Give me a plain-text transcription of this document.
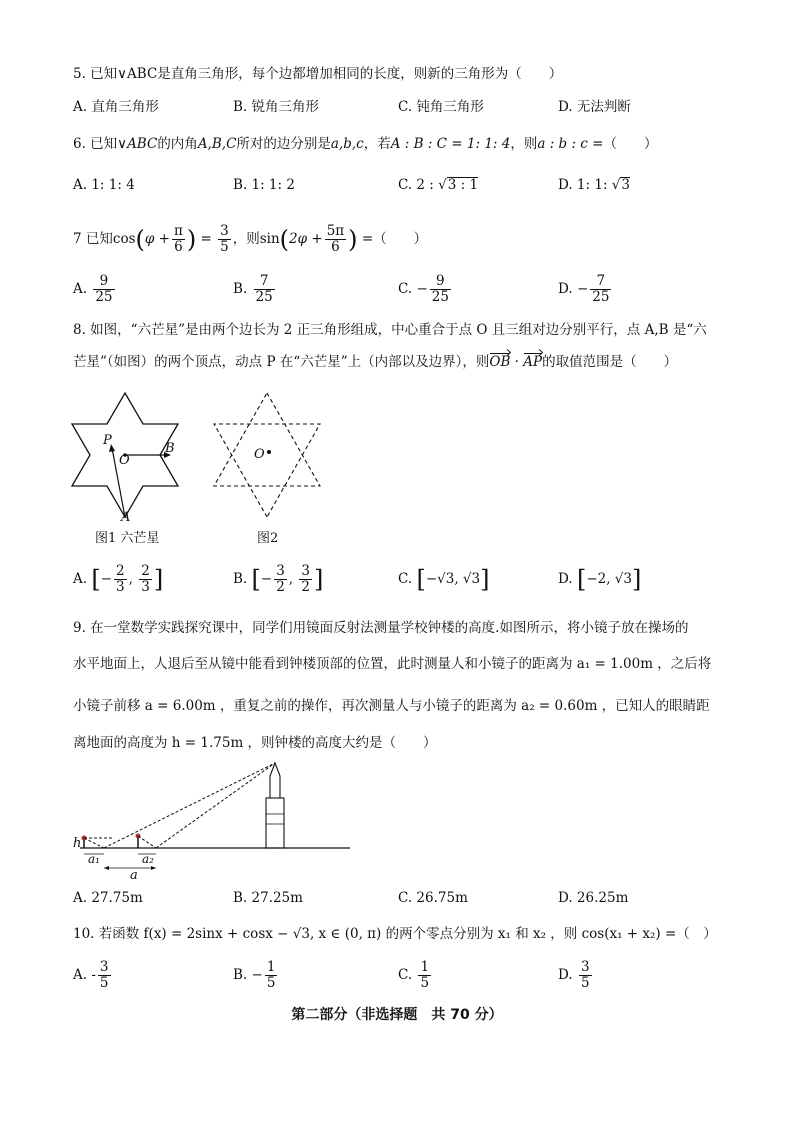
5. 已知∨ABC是直角三角形，每个边都增加相同的长度，则新的三角形为（　　）
A. 直角三角形	B. 锐角三角形	C. 钝角三角形	D. 无法判断
6. 已知∨ABC的内角A,B,C所对的边分别是a,b,c，若A : B : C = 1: 1: 4，则a : b : c =（　　）
A. 1: 1: 4	B. 1: 1: 2	C. 2 : √3 : 1	D. 1: 1: √3
7 已知$\cos(\varphi + \frac{\pi}{6}$ ) = $\frac{3}{5}$ ，则$\sin(2\varphi + \frac{5\pi}{6}$ ) =（　　）
A. $\frac{9}{25}$	B. $\frac{7}{25}$	C. − $\frac{9}{25}$	D. − $\frac{7}{25}$
8. 如图，“六芒星”是由两个边长为 2 正三角形组成，中心重合于点 O 且三组对边分别平行，点 A,B 是“六
芒星”（如图）的两个顶点，动点 P 在“六芒星”上（内部以及边界），则OB · AP的取值范围是（　　）
P
O
B
A
图1 六芒星
O
图2
A. [− $\frac{2}{3}$ , $\frac{2}{3}$ ]	B. [− $\frac{3}{2}$ , $\frac{3}{2}$ ]	C. [−√3, √3]	D. [−2, √3]
9. 在一堂数学实践探究课中，同学们用镜面反射法测量学校钟楼的高度.如图所示，将小镜子放在操场的
水平地面上，人退后至从镜中能看到钟楼顶部的位置，此时测量人和小镜子的距离为 a₁ = 1.00m ，之后将
小镜子前移 a = 6.00m ，重复之前的操作，再次测量人与小镜子的距离为 a₂ = 0.60m ，已知人的眼睛距
离地面的高度为 h = 1.75m ，则钟楼的高度大约是（　　）
h
a₁	a₂
a
A. 27.75m	B. 27.25m	C. 26.75m	D. 26.25m
10. 若函数 f(x) = 2sinx + cosx − √3, x ∈ (0, π) 的两个零点分别为 x₁ 和 x₂ ，则 cos(x₁ + x₂) =（　）
A. - $\frac{3}{5}$	B. − $\frac{1}{5}$	C. $\frac{1}{5}$	D. $\frac{3}{5}$
第二部分（非选择题　共 70 分）
